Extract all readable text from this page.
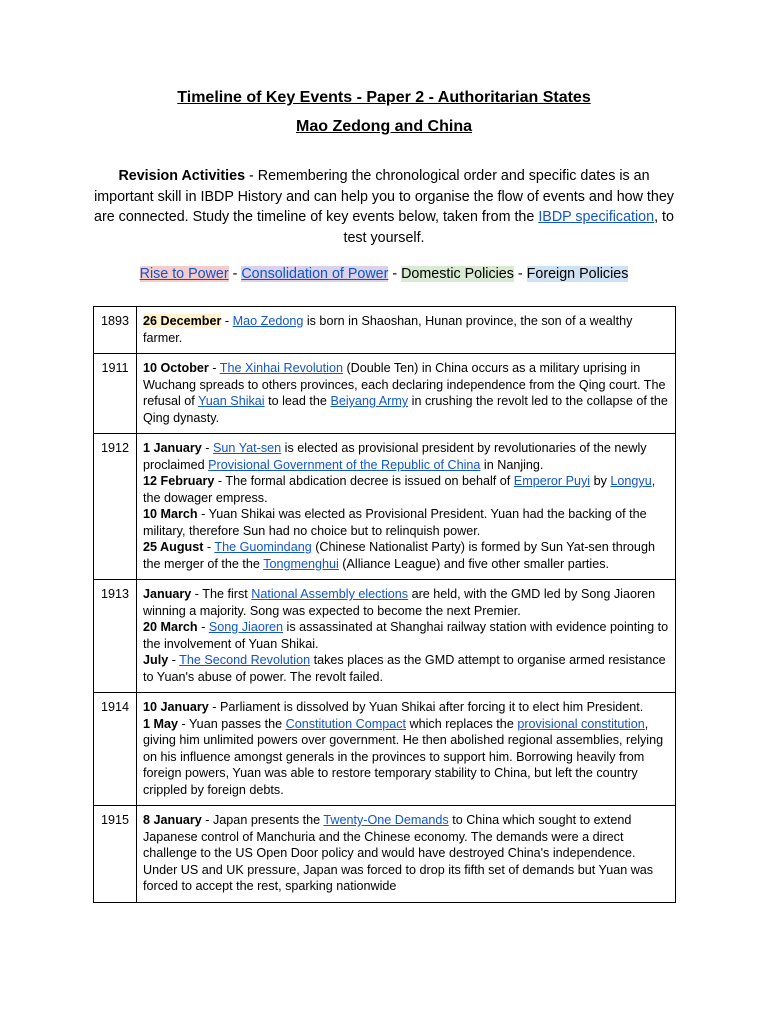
Timeline of Key Events - Paper 2 - Authoritarian States
Mao Zedong and China
Revision Activities - Remembering the chronological order and specific dates is an important skill in IBDP History and can help you to organise the flow of events and how they are connected. Study the timeline of key events below, taken from the IBDP specification, to test yourself.
Rise to Power - Consolidation of Power - Domestic Policies - Foreign Policies
1893	26 December - Mao Zedong is born in Shaoshan, Hunan province, the son of a wealthy farmer.
1911	10 October - The Xinhai Revolution (Double Ten) in China occurs as a military uprising in Wuchang spreads to others provinces, each declaring independence from the Qing court. The refusal of Yuan Shikai to lead the Beiyang Army in crushing the revolt led to the collapse of the Qing dynasty.
1912	1 January - Sun Yat-sen is elected as provisional president by revolutionaries of the newly proclaimed Provisional Government of the Republic of China in Nanjing.
12 February - The formal abdication decree is issued on behalf of Emperor Puyi by Longyu, the dowager empress.
10 March - Yuan Shikai was elected as Provisional President. Yuan had the backing of the military, therefore Sun had no choice but to relinquish power.
25 August - The Guomindang (Chinese Nationalist Party) is formed by Sun Yat-sen through the merger of the the Tongmenghui (Alliance League) and five other smaller parties.
1913	January - The first National Assembly elections are held, with the GMD led by Song Jiaoren winning a majority. Song was expected to become the next Premier.
20 March - Song Jiaoren is assassinated at Shanghai railway station with evidence pointing to the involvement of Yuan Shikai.
July - The Second Revolution takes places as the GMD attempt to organise armed resistance to Yuan's abuse of power. The revolt failed.
1914	10 January - Parliament is dissolved by Yuan Shikai after forcing it to elect him President.
1 May - Yuan passes the Constitution Compact which replaces the provisional constitution, giving him unlimited powers over government. He then abolished regional assemblies, relying on his influence amongst generals in the provinces to support him. Borrowing heavily from foreign powers, Yuan was able to restore temporary stability to China, but left the country crippled by foreign debts.
1915	8 January - Japan presents the Twenty-One Demands to China which sought to extend Japanese control of Manchuria and the Chinese economy. The demands were a direct challenge to the US Open Door policy and would have destroyed China's independence. Under US and UK pressure, Japan was forced to drop its fifth set of demands but Yuan was forced to accept the rest, sparking nationwide
